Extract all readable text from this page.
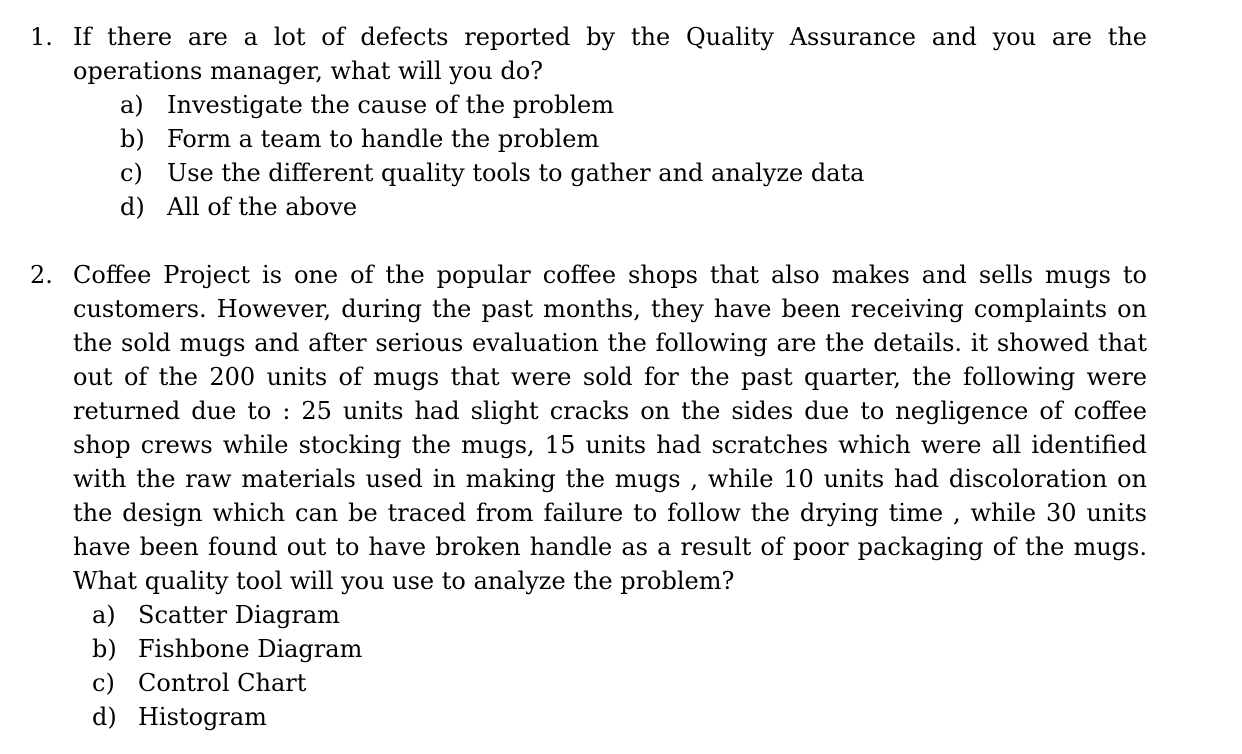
1. If there are a lot of defects reported by the Quality Assurance and you are the
operations manager, what will you do?
a) Investigate the cause of the problem
b) Form a team to handle the problem
c) Use the different quality tools to gather and analyze data
d) All of the above
2. Coffee Project is one of the popular coffee shops that also makes and sells mugs to
customers. However, during the past months, they have been receiving complaints on
the sold mugs and after serious evaluation the following are the details. it showed that
out of the 200 units of mugs that were sold for the past quarter, the following were
returned due to : 25 units had slight cracks on the sides due to negligence of coffee
shop crews while stocking the mugs, 15 units had scratches which were all identified
with the raw materials used in making the mugs , while 10 units had discoloration on
the design which can be traced from failure to follow the drying time , while 30 units
have been found out to have broken handle as a result of poor packaging of the mugs.
What quality tool will you use to analyze the problem?
a) Scatter Diagram
b) Fishbone Diagram
c) Control Chart
d) Histogram
